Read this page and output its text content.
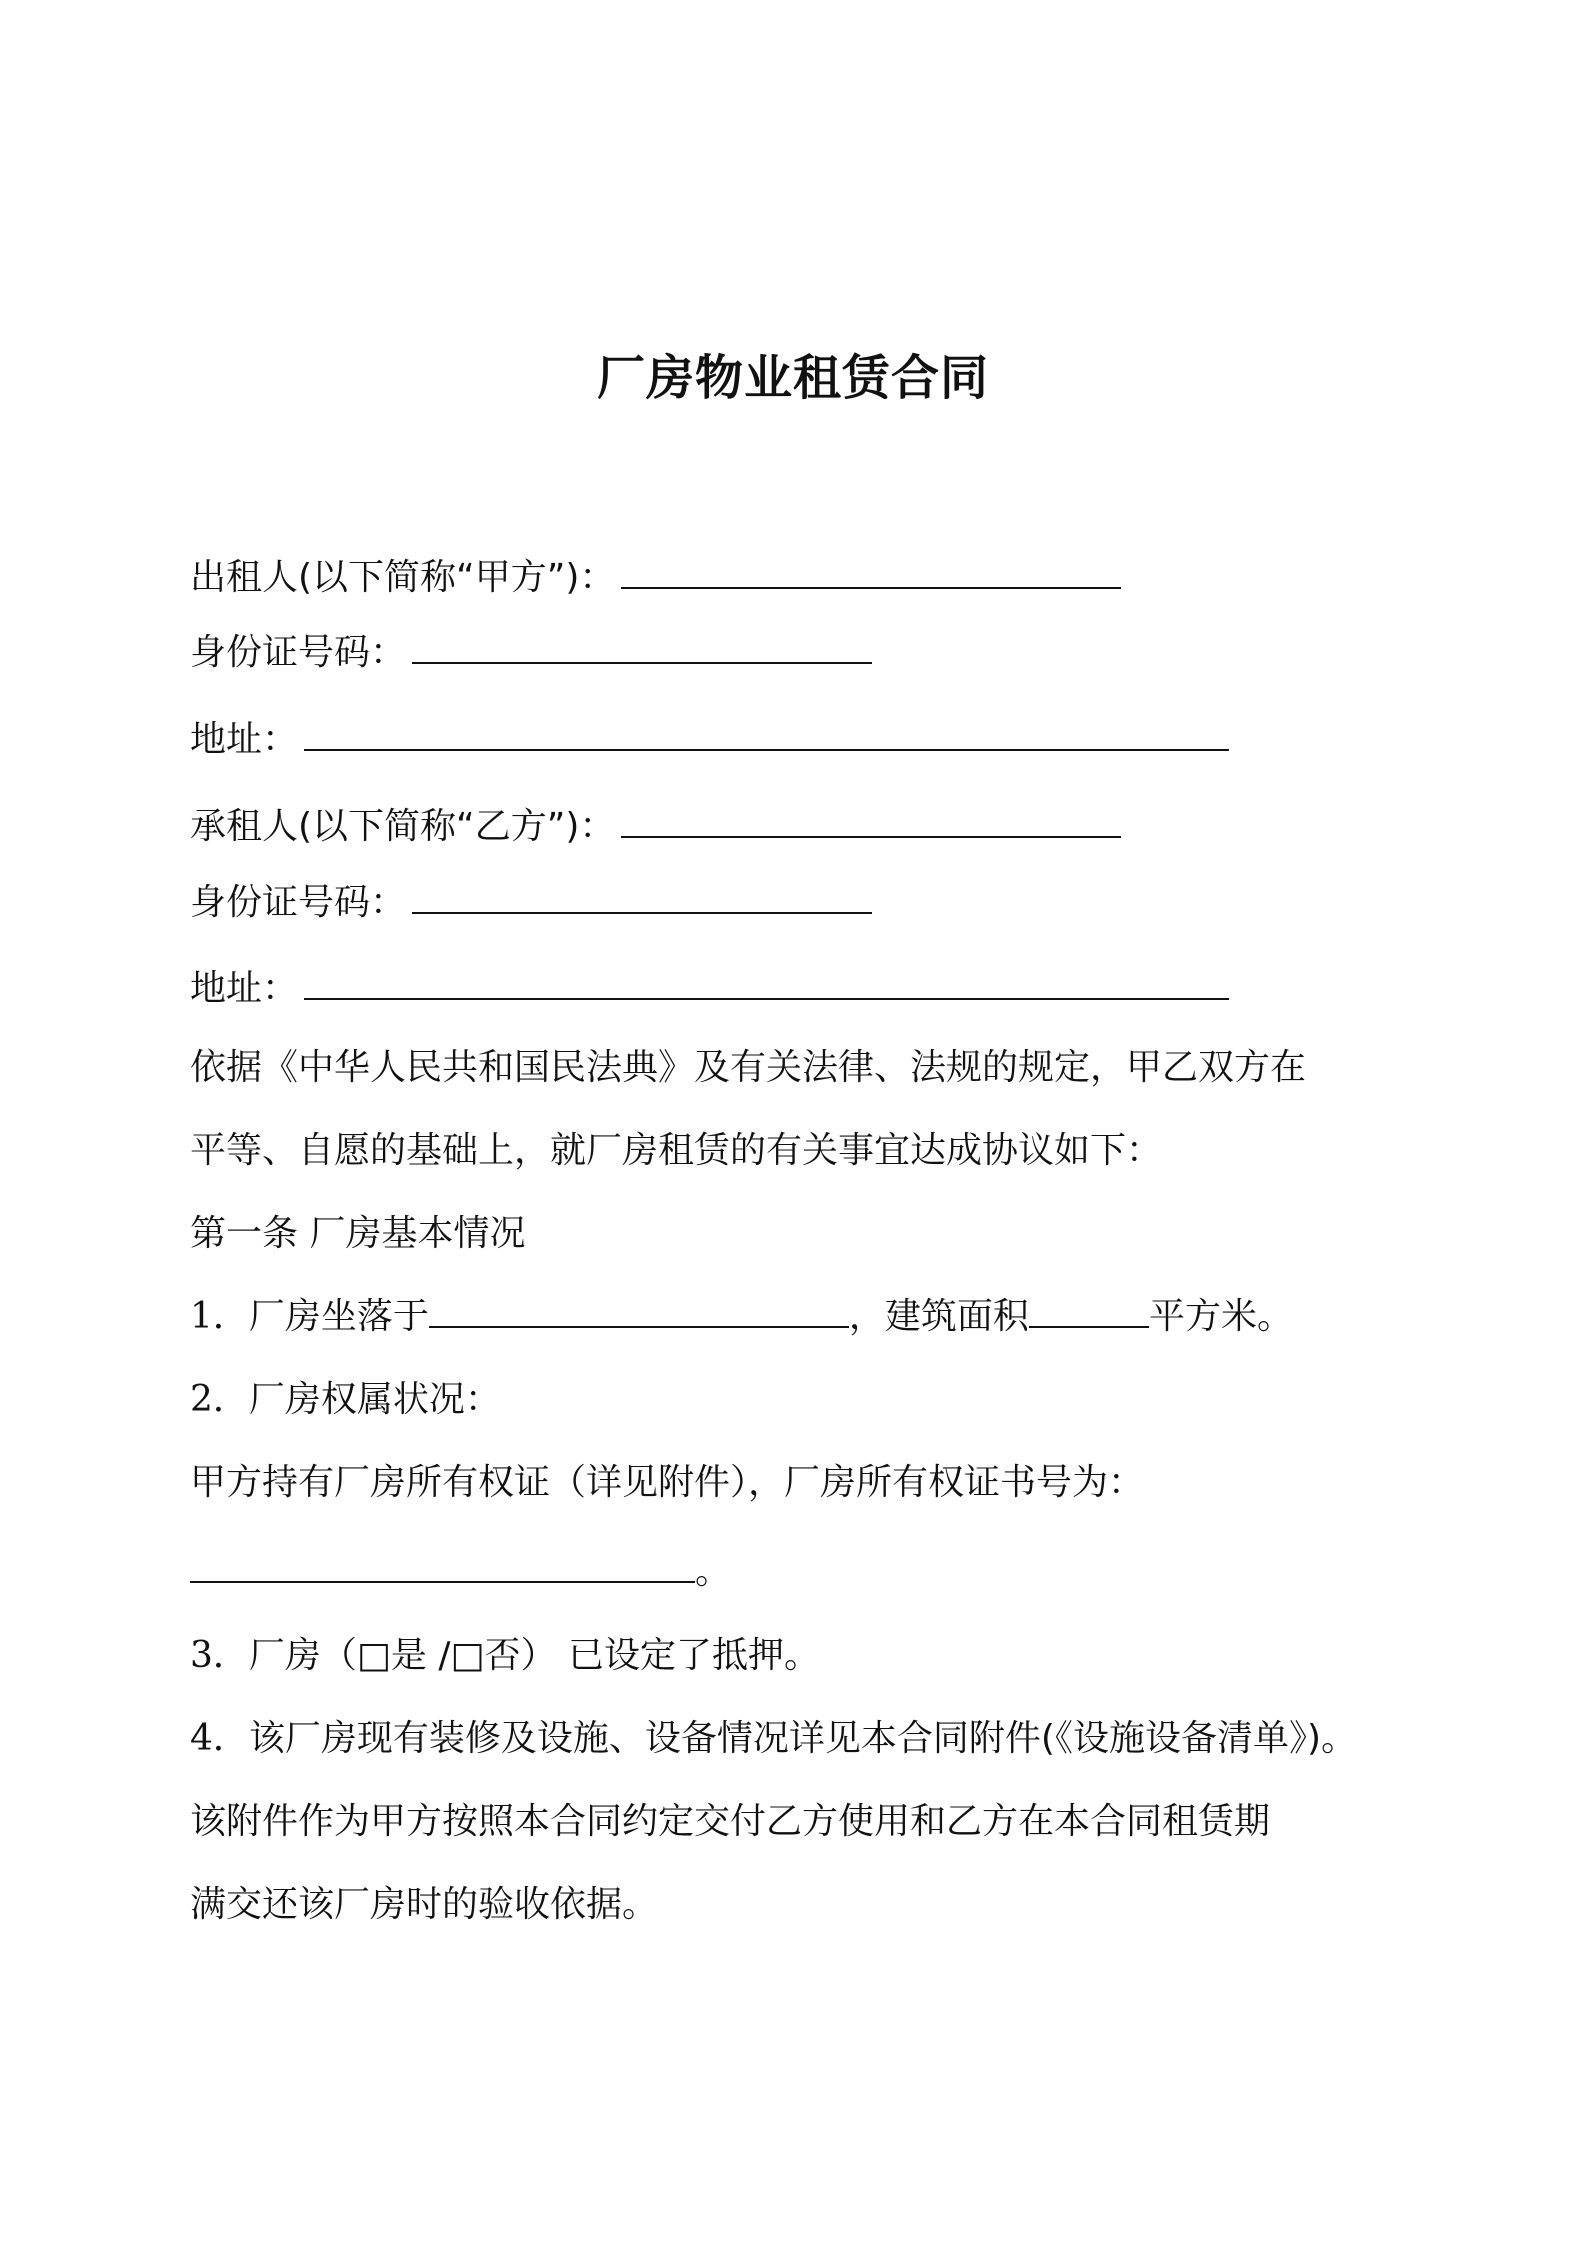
厂房物业租赁合同

出租人(以下简称“甲方”)：

身份证号码：

地址：

承租人(以下简称“乙方”)：

身份证号码：

地址：

依据《中华人民共和国民法典》及有关法律、法规的规定，甲乙双方在

平等、自愿的基础上，就厂房租赁的有关事宜达成协议如下：

第一条 厂房基本情况

1．厂房坐落于	，建筑面积	平方米。

2．厂房权属状况：

甲方持有厂房所有权证（详见附件），厂房所有权证书号为：

。

3．厂房（□是 /□否） 已设定了抵押。

4．该厂房现有装修及设施、设备情况详见本合同附件(《设施设备清单》)。

该附件作为甲方按照本合同约定交付乙方使用和乙方在本合同租赁期

满交还该厂房时的验收依据。
